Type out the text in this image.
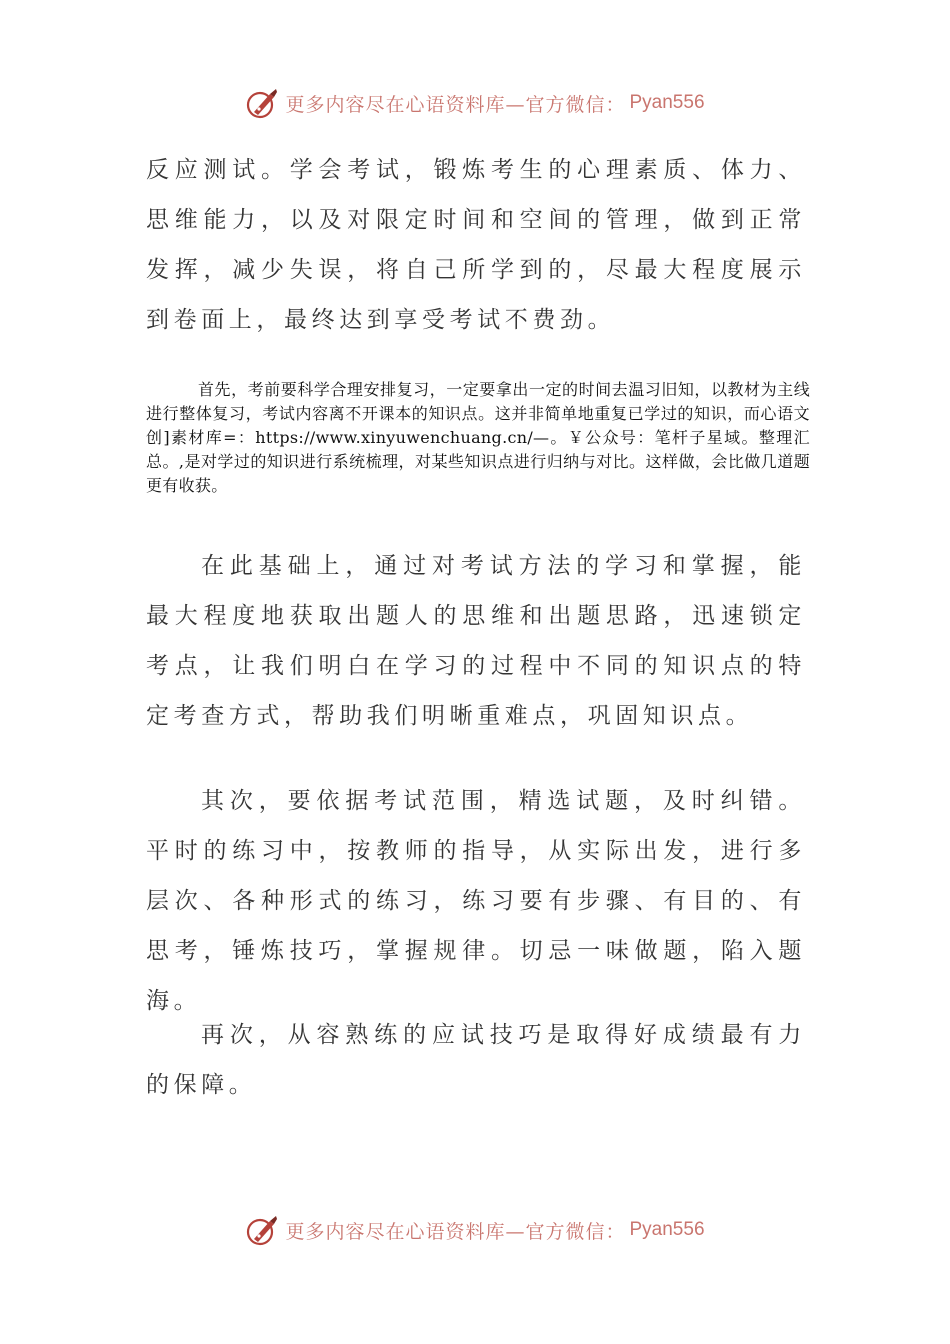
更多内容尽在心语资料库—官方微信： Pyan556

反应测试。学会考试，锻炼考生的心理素质、体力、思维能力，以及对限定时间和空间的管理，做到正常发挥，减少失误，将自己所学到的，尽最大程度展示到卷面上，最终达到享受考试不费劲。

首先，考前要科学合理安排复习，一定要拿出一定的时间去温习旧知，以教材为主线进行整体复习，考试内容离不开课本的知识点。这并非简单地重复已学过的知识，而心语文创]素材库=：https://www.xinyuwenchuang.cn/—。￥公众号：笔杆子星域。整理汇总。,是对学过的知识进行系统梳理，对某些知识点进行归纳与对比。这样做，会比做几道题更有收获。

在此基础上，通过对考试方法的学习和掌握，能最大程度地获取出题人的思维和出题思路，迅速锁定考点，让我们明白在学习的过程中不同的知识点的特定考查方式，帮助我们明晰重难点，巩固知识点。

其次，要依据考试范围，精选试题，及时纠错。平时的练习中，按教师的指导，从实际出发，进行多层次、各种形式的练习，练习要有步骤、有目的、有思考，锤炼技巧，掌握规律。切忌一味做题，陷入题海。

再次，从容熟练的应试技巧是取得好成绩最有力的保障。

更多内容尽在心语资料库—官方微信： Pyan556
